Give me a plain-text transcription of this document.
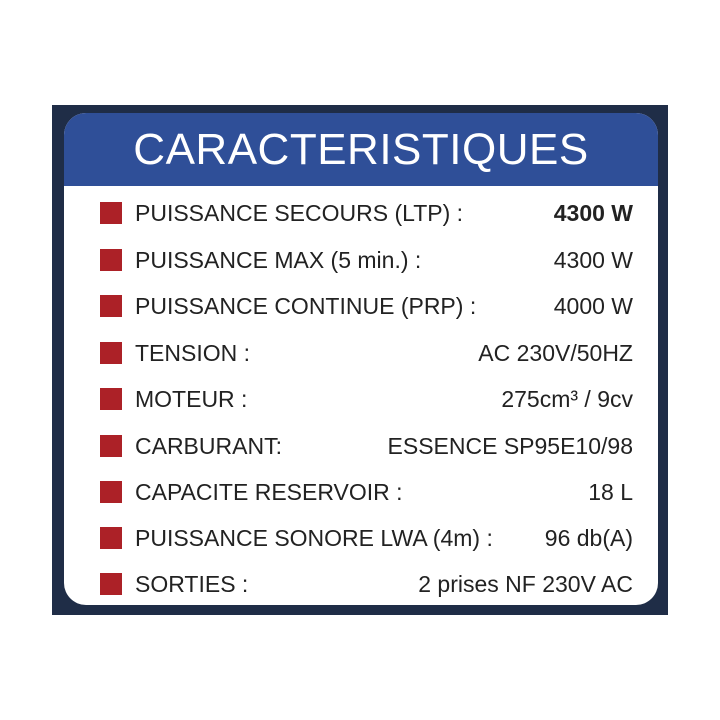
CARACTERISTIQUES
PUISSANCE SECOURS (LTP) :	4300 W
PUISSANCE MAX (5 min.) :	4300 W
PUISSANCE CONTINUE (PRP) :	4000 W
TENSION :	AC 230V/50HZ
MOTEUR :	275cm³ / 9cv
CARBURANT:	ESSENCE SP95E10/98
CAPACITE RESERVOIR :	18 L
PUISSANCE SONORE LWA (4m) : 96 db(A)
SORTIES :	2 prises NF 230V AC
